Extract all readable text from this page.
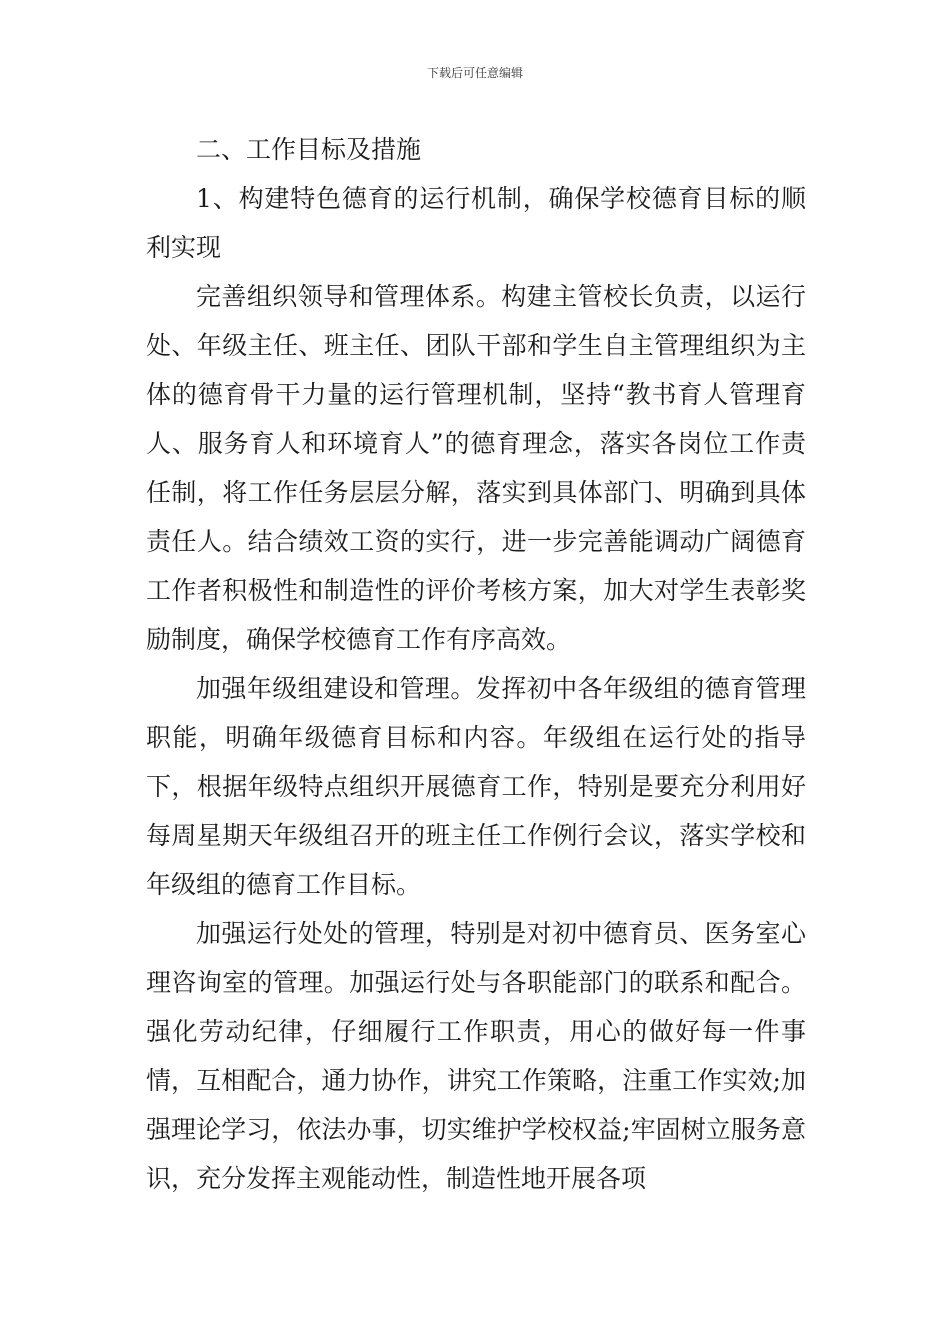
下载后可任意编辑

二、工作目标及措施

1、构建特色德育的运行机制，确保学校德育目标的顺利实现

完善组织领导和管理体系。构建主管校长负责，以运行处、年级主任、班主任、团队干部和学生自主管理组织为主体的德育骨干力量的运行管理机制，坚持“教书育人管理育人、服务育人和环境育人”的德育理念，落实各岗位工作责任制，将工作任务层层分解，落实到具体部门、明确到具体责任人。结合绩效工资的实行，进一步完善能调动广阔德育工作者积极性和制造性的评价考核方案，加大对学生表彰奖励制度，确保学校德育工作有序高效。

加强年级组建设和管理。发挥初中各年级组的德育管理职能，明确年级德育目标和内容。年级组在运行处的指导下，根据年级特点组织开展德育工作，特别是要充分利用好每周星期天年级组召开的班主任工作例行会议，落实学校和年级组的德育工作目标。

加强运行处处的管理，特别是对初中德育员、医务室心理咨询室的管理。加强运行处与各职能部门的联系和配合。强化劳动纪律，仔细履行工作职责，用心的做好每一件事情，互相配合，通力协作，讲究工作策略，注重工作实效;加强理论学习，依法办事，切实维护学校权益;牢固树立服务意识，充分发挥主观能动性，制造性地开展各项
